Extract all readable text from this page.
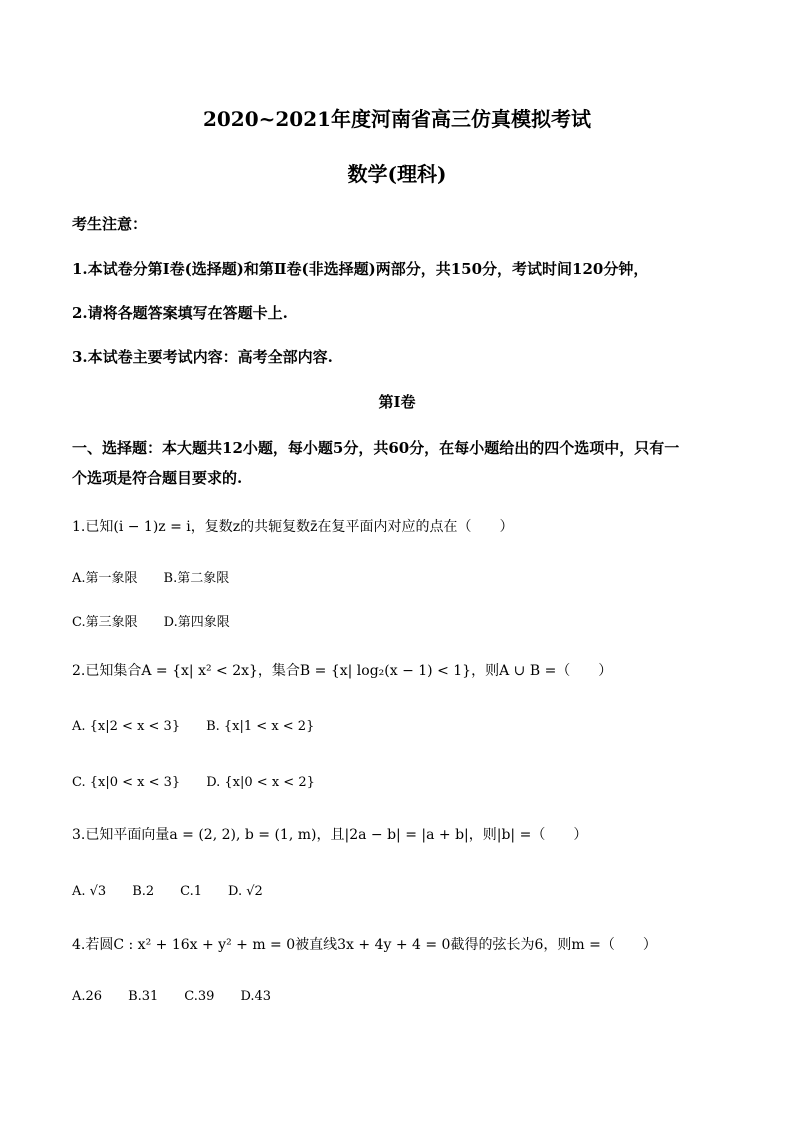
2020~2021年度河南省高三仿真模拟考试
数学(理科)
考生注意：
1.本试卷分第Ⅰ卷(选择题)和第Ⅱ卷(非选择题)两部分，共150分，考试时间120分钟，
2.请将各题答案填写在答题卡上.
3.本试卷主要考试内容：高考全部内容.
第Ⅰ卷
一、选择题：本大题共12小题，每小题5分，共60分，在每小题给出的四个选项中，只有一
个选项是符合题目要求的.
1.已知(i − 1)z = i，复数z的共轭复数z̄在复平面内对应的点在（　　）
A.第一象限　　B.第二象限
C.第三象限　　D.第四象限
2.已知集合A = {x| x² < 2x}，集合B = {x| log₂(x − 1) < 1}，则A ∪ B =（　　）
A. {x|2 < x < 3}　　B. {x|1 < x < 2}
C. {x|0 < x < 3}　　D. {x|0 < x < 2}
3.已知平面向量a = (2, 2), b = (1, m)，且|2a − b| = |a + b|，则|b| =（　　）
A. √3　　B.2　　C.1　　D. √2
4.若圆C : x² + 16x + y² + m = 0被直线3x + 4y + 4 = 0截得的弦长为6，则m =（　　）
A.26　　B.31　　C.39　　D.43
